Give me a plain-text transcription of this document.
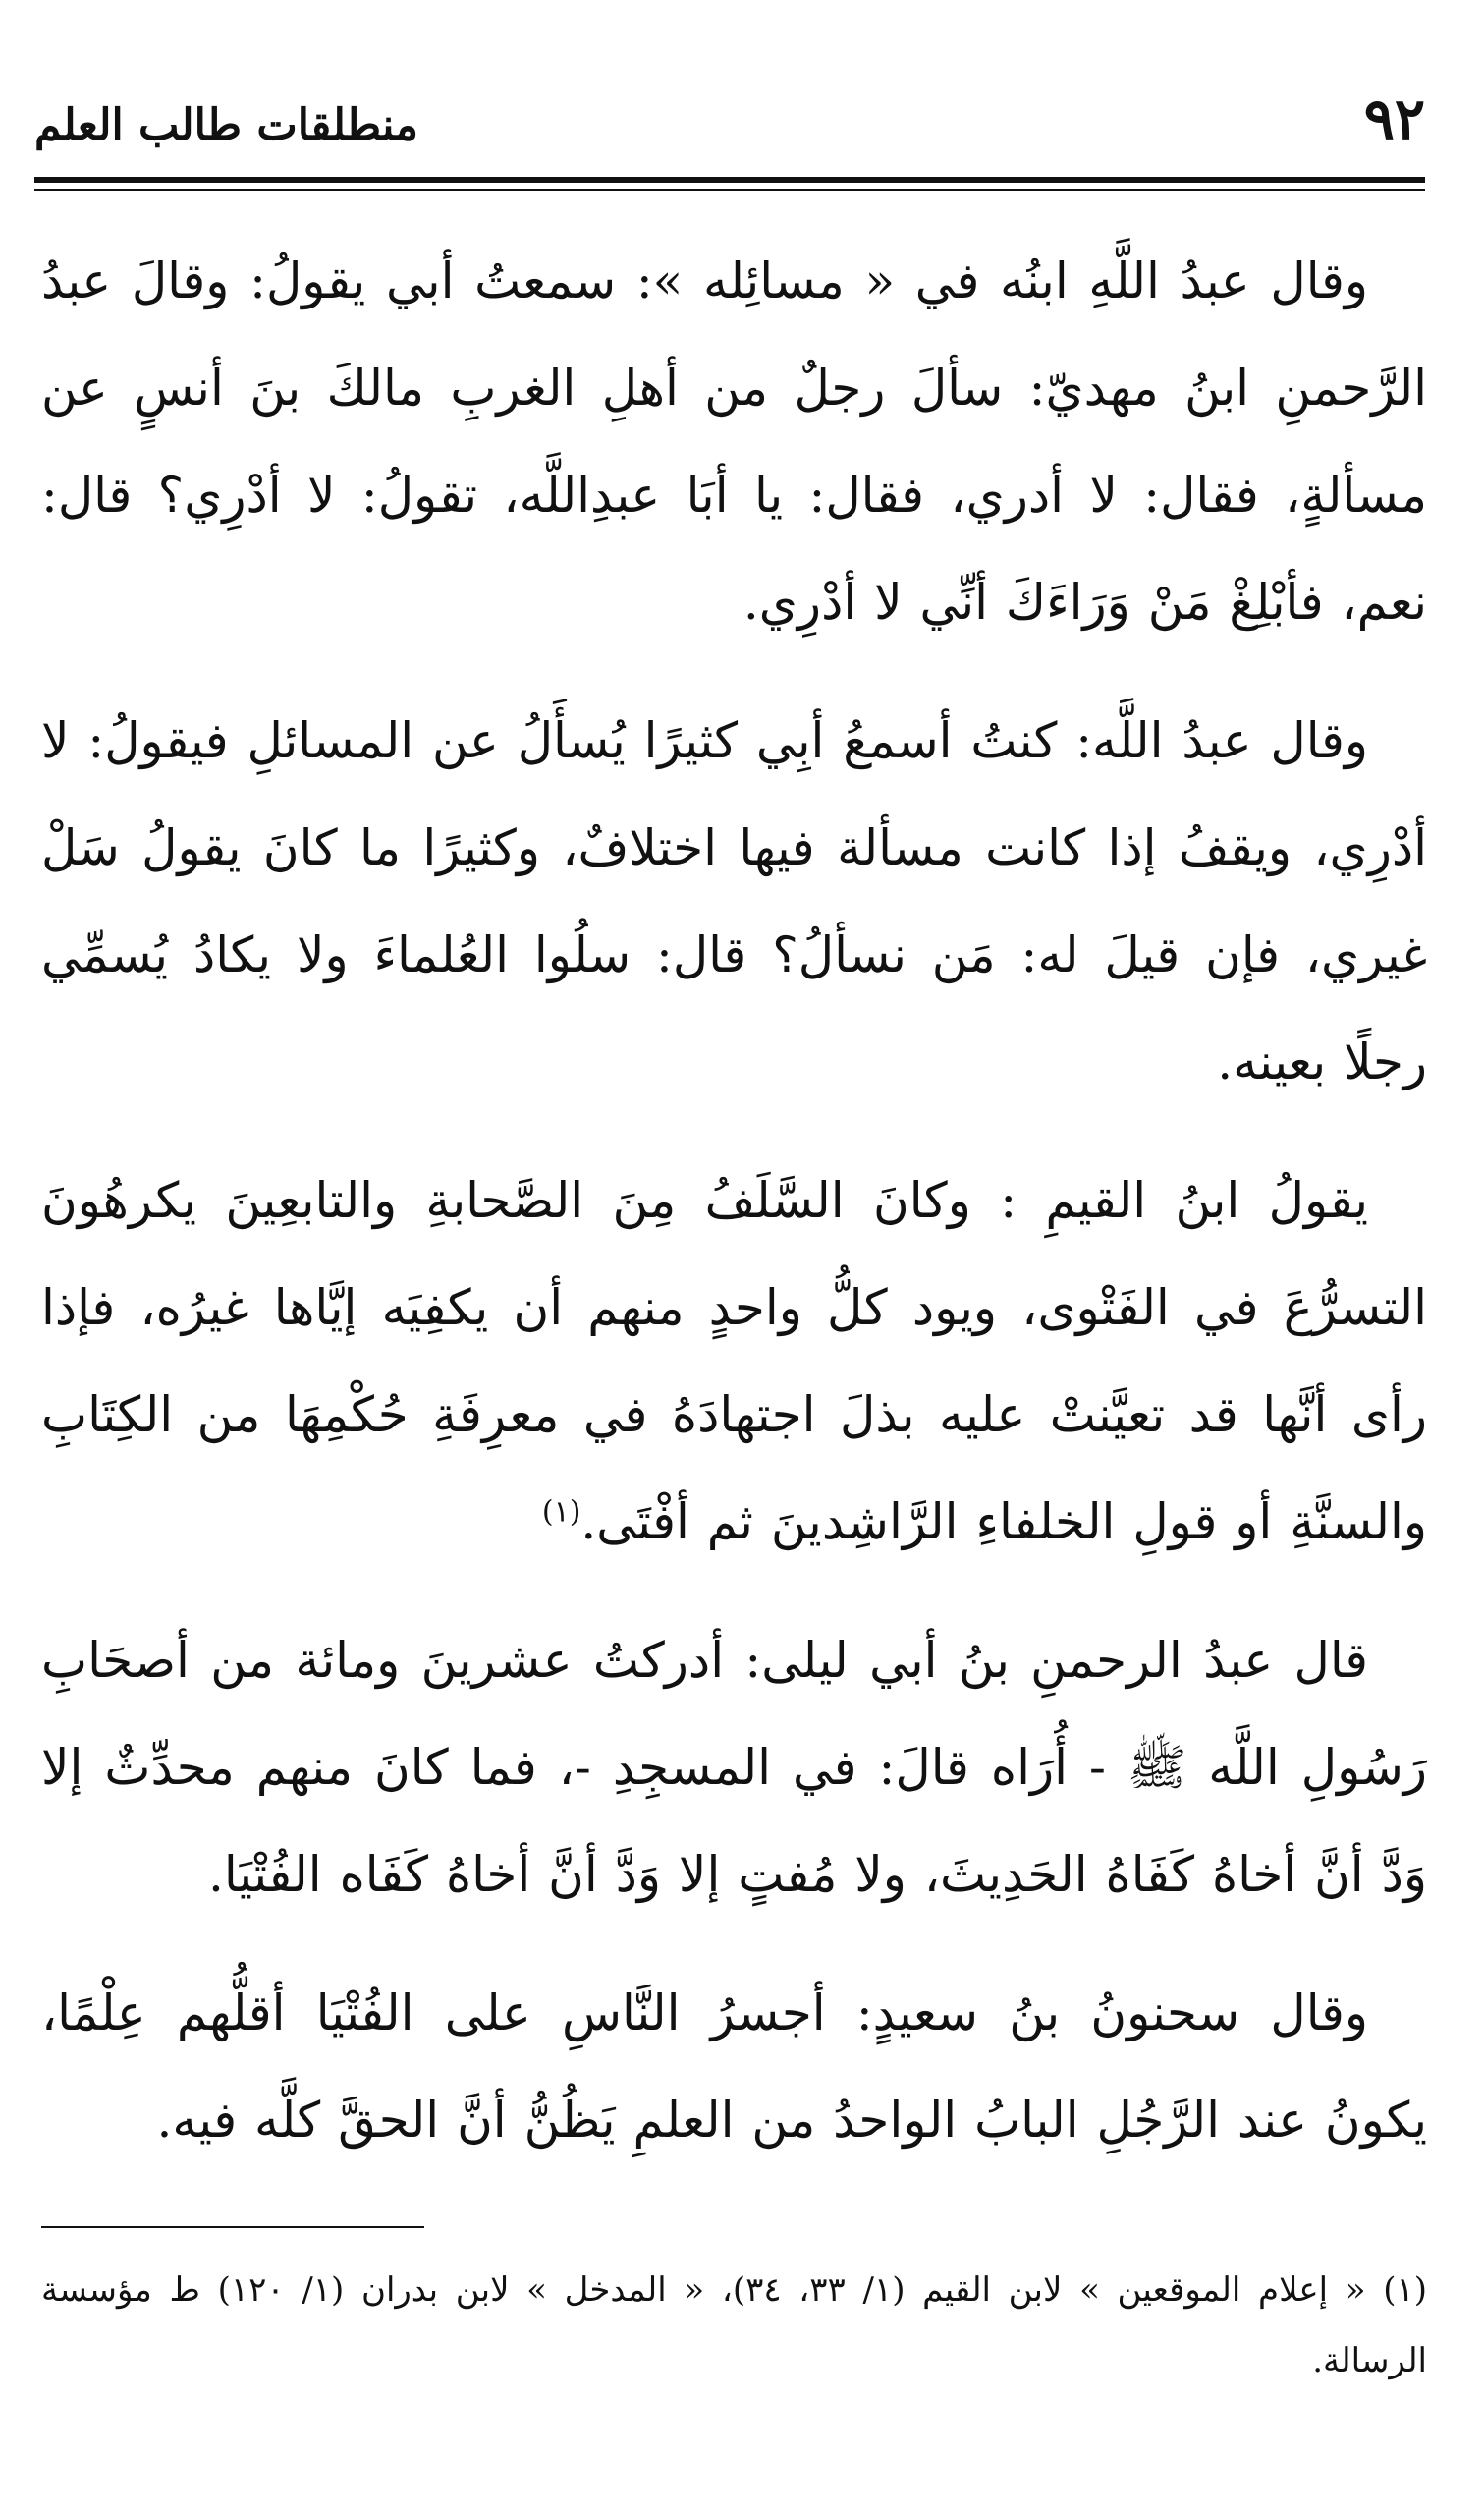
٩٢
منطلقات طالب العلم

وقال عبدُ اللَّهِ ابنُه في « مسائِله »: سمعتُ أبي يقولُ: وقالَ عبدُ الرَّحمنِ ابنُ مهديّ: سألَ رجلٌ من أهلِ الغربِ مالكَ بنَ أنسٍ عن مسألةٍ، فقال: لا أدري، فقال: يا أبَا عبدِاللَّه، تقولُ: لا أدْرِي؟ قال: نعم، فأبْلِغْ مَنْ وَرَاءَكَ أنِّي لا أدْرِي.

وقال عبدُ اللَّه: كنتُ أسمعُ أبِي كثيرًا يُسأَلُ عن المسائلِ فيقولُ: لا أدْرِي، ويقفُ إذا كانت مسألة فيها اختلافٌ، وكثيرًا ما كانَ يقولُ سَلْ غيري، فإن قيلَ له: مَن نسألُ؟ قال: سلُوا العُلماءَ ولا يكادُ يُسمِّي رجلًا بعينه.

يقولُ ابنُ القيمِ : وكانَ السَّلَفُ مِنَ الصَّحابةِ والتابعِينَ يكرهُونَ التسرُّعَ في الفَتْوى، ويود كلُّ واحدٍ منهم أن يكفِيَه إيَّاها غيرُه، فإذا رأى أنَّها قد تعيَّنتْ عليه بذلَ اجتهادَهُ في معرِفَةِ حُكْمِهَا من الكِتَابِ والسنَّةِ أو قولِ الخلفاءِ الرَّاشِدينَ ثم أفْتَى.$^{(١)}$

قال عبدُ الرحمنِ بنُ أبي ليلى: أدركتُ عشرينَ ومائة من أصحَابِ رَسُولِ اللَّه ﷺ - أُرَاه قالَ: في المسجِدِ -، فما كانَ منهم محدِّثٌ إلا وَدَّ أنَّ أخاهُ كَفَاهُ الحَدِيثَ، ولا مُفتٍ إلا وَدَّ أنَّ أخاهُ كَفَاه الفُتْيَا.

وقال سحنونُ بنُ سعيدٍ: أجسرُ النَّاسِ على الفُتْيَا أقلُّهم عِلْمًا، يكونُ عند الرَّجُلِ البابُ الواحدُ من العلمِ يَظُنُّ أنَّ الحقَّ كلَّه فيه.

(١) « إعلام الموقعين » لابن القيم (١/ ٣٣، ٣٤)، « المدخل » لابن بدران (١/ ١٢٠) ط مؤسسة الرسالة.
